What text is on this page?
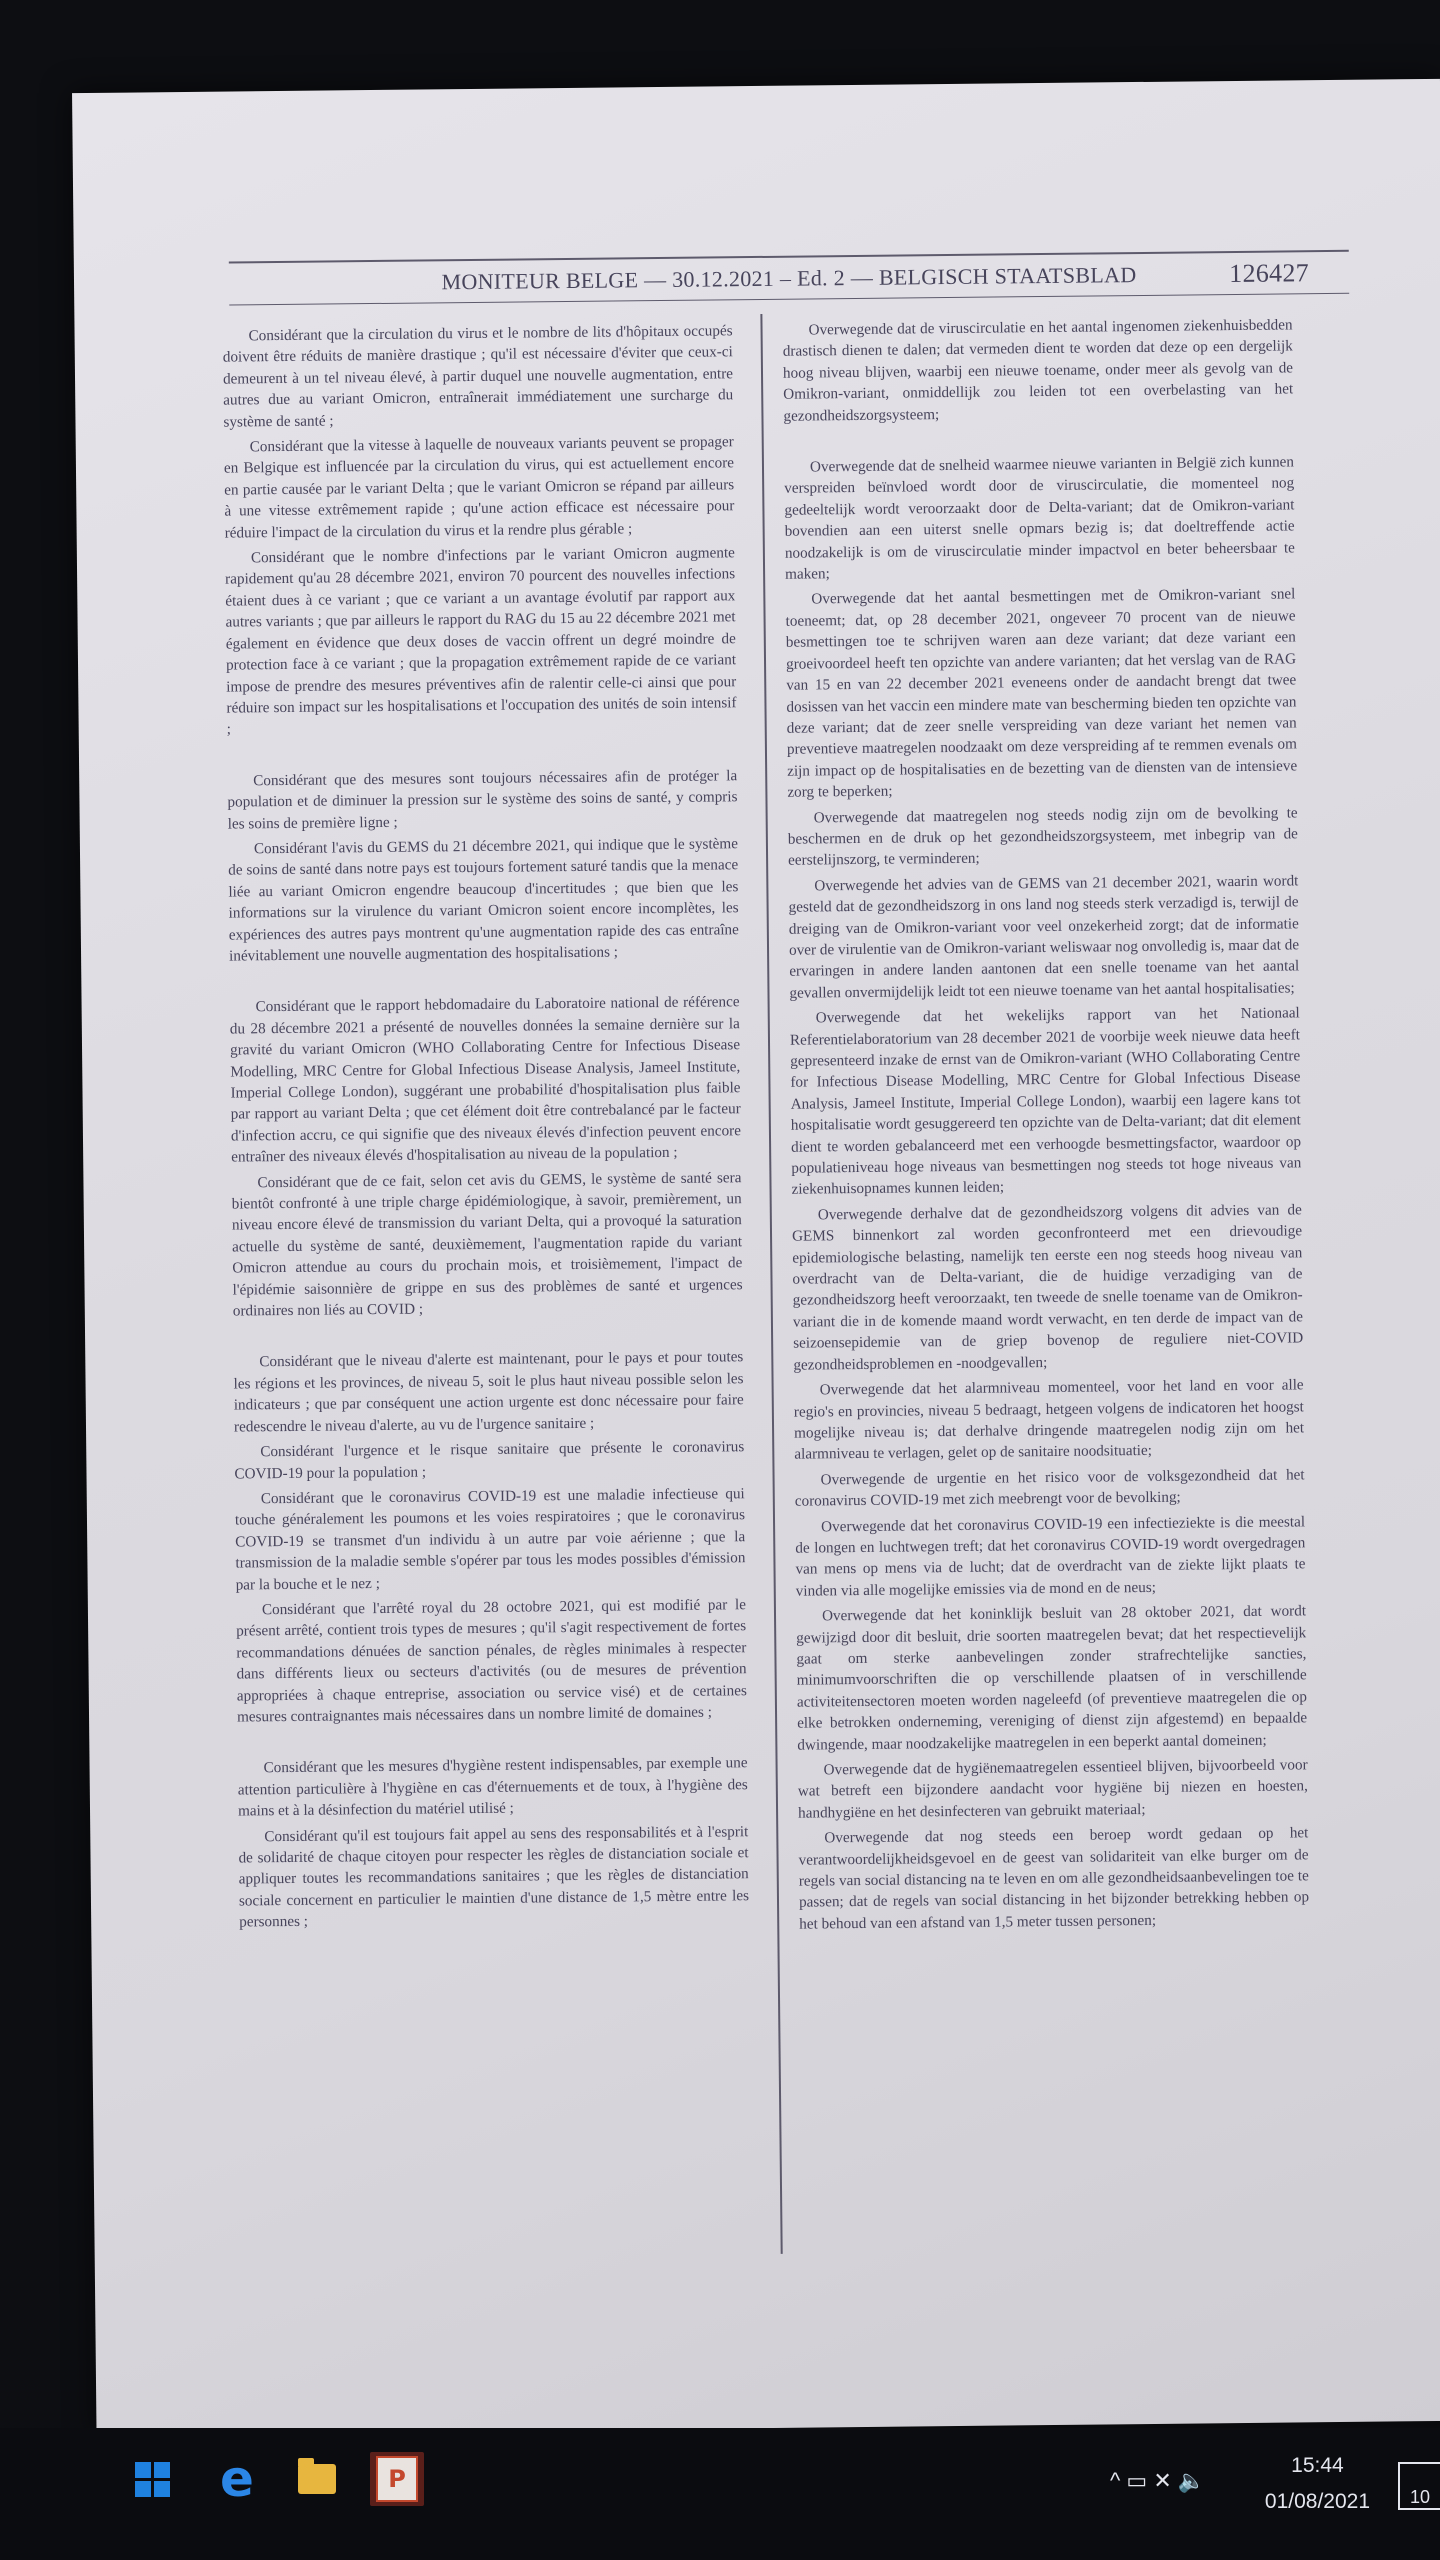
MONITEUR BELGE — 30.12.2021 – Ed. 2 — BELGISCH STAATSBLAD	126427

Considérant que la circulation du virus et le nombre de lits d'hôpitaux occupés doivent être réduits de manière drastique ; qu'il est nécessaire d'éviter que ceux-ci demeurent à un tel niveau élevé, à partir duquel une nouvelle augmentation, entre autres due au variant Omicron, entraînerait immédiatement une surcharge du système de santé ;

Considérant que la vitesse à laquelle de nouveaux variants peuvent se propager en Belgique est influencée par la circulation du virus, qui est actuellement encore en partie causée par le variant Delta ; que le variant Omicron se répand par ailleurs à une vitesse extrêmement rapide ; qu'une action efficace est nécessaire pour réduire l'impact de la circulation du virus et la rendre plus gérable ;

Considérant que le nombre d'infections par le variant Omicron augmente rapidement qu'au 28 décembre 2021, environ 70 pourcent des nouvelles infections étaient dues à ce variant ; que ce variant a un avantage évolutif par rapport aux autres variants ; que par ailleurs le rapport du RAG du 15 au 22 décembre 2021 met également en évidence que deux doses de vaccin offrent un degré moindre de protection face à ce variant ; que la propagation extrêmement rapide de ce variant impose de prendre des mesures préventives afin de ralentir celle-ci ainsi que pour réduire son impact sur les hospitalisations et l'occupation des unités de soin intensif ;

Considérant que des mesures sont toujours nécessaires afin de protéger la population et de diminuer la pression sur le système des soins de santé, y compris les soins de première ligne ;

Considérant l'avis du GEMS du 21 décembre 2021, qui indique que le système de soins de santé dans notre pays est toujours fortement saturé tandis que la menace liée au variant Omicron engendre beaucoup d'incertitudes ; que bien que les informations sur la virulence du variant Omicron soient encore incomplètes, les expériences des autres pays montrent qu'une augmentation rapide des cas entraîne inévitablement une nouvelle augmentation des hospitalisations ;

Considérant que le rapport hebdomadaire du Laboratoire national de référence du 28 décembre 2021 a présenté de nouvelles données la semaine dernière sur la gravité du variant Omicron (WHO Collaborating Centre for Infectious Disease Modelling, MRC Centre for Global Infectious Disease Analysis, Jameel Institute, Imperial College London), suggérant une probabilité d'hospitalisation plus faible par rapport au variant Delta ; que cet élément doit être contrebalancé par le facteur d'infection accru, ce qui signifie que des niveaux élevés d'infection peuvent encore entraîner des niveaux élevés d'hospitalisation au niveau de la population ;

Considérant que de ce fait, selon cet avis du GEMS, le système de santé sera bientôt confronté à une triple charge épidémiologique, à savoir, premièrement, un niveau encore élevé de transmission du variant Delta, qui a provoqué la saturation actuelle du système de santé, deuxièmement, l'augmentation rapide du variant Omicron attendue au cours du prochain mois, et troisièmement, l'impact de l'épidémie saisonnière de grippe en sus des problèmes de santé et urgences ordinaires non liés au COVID ;

Considérant que le niveau d'alerte est maintenant, pour le pays et pour toutes les régions et les provinces, de niveau 5, soit le plus haut niveau possible selon les indicateurs ; que par conséquent une action urgente est donc nécessaire pour faire redescendre le niveau d'alerte, au vu de l'urgence sanitaire ;

Considérant l'urgence et le risque sanitaire que présente le coronavirus COVID-19 pour la population ;

Considérant que le coronavirus COVID-19 est une maladie infectieuse qui touche généralement les poumons et les voies respiratoires ; que le coronavirus COVID-19 se transmet d'un individu à un autre par voie aérienne ; que la transmission de la maladie semble s'opérer par tous les modes possibles d'émission par la bouche et le nez ;

Considérant que l'arrêté royal du 28 octobre 2021, qui est modifié par le présent arrêté, contient trois types de mesures ; qu'il s'agit respectivement de fortes recommandations dénuées de sanction pénales, de règles minimales à respecter dans différents lieux ou secteurs d'activités (ou de mesures de prévention appropriées à chaque entreprise, association ou service visé) et de certaines mesures contraignantes mais nécessaires dans un nombre limité de domaines ;

Considérant que les mesures d'hygiène restent indispensables, par exemple une attention particulière à l'hygiène en cas d'éternuements et de toux, à l'hygiène des mains et à la désinfection du matériel utilisé ;

Considérant qu'il est toujours fait appel au sens des responsabilités et à l'esprit de solidarité de chaque citoyen pour respecter les règles de distanciation sociale et appliquer toutes les recommandations sanitaires ; que les règles de distanciation sociale concernent en particulier le maintien d'une distance de 1,5 mètre entre les personnes ;

Overwegende dat de viruscirculatie en het aantal ingenomen ziekenhuisbedden drastisch dienen te dalen; dat vermeden dient te worden dat deze op een dergelijk hoog niveau blijven, waarbij een nieuwe toename, onder meer als gevolg van de Omikron-variant, onmiddellijk zou leiden tot een overbelasting van het gezondheidszorgsysteem;

Overwegende dat de snelheid waarmee nieuwe varianten in België zich kunnen verspreiden beïnvloed wordt door de viruscirculatie, die momenteel nog gedeeltelijk wordt veroorzaakt door de Delta-variant; dat de Omikron-variant bovendien aan een uiterst snelle opmars bezig is; dat doeltreffende actie noodzakelijk is om de viruscirculatie minder impactvol en beter beheersbaar te maken;

Overwegende dat het aantal besmettingen met de Omikron-variant snel toeneemt; dat, op 28 december 2021, ongeveer 70 procent van de nieuwe besmettingen toe te schrijven waren aan deze variant; dat deze variant een groeivoordeel heeft ten opzichte van andere varianten; dat het verslag van de RAG van 15 en van 22 december 2021 eveneens onder de aandacht brengt dat twee dosissen van het vaccin een mindere mate van bescherming bieden ten opzichte van deze variant; dat de zeer snelle verspreiding van deze variant het nemen van preventieve maatregelen noodzaakt om deze verspreiding af te remmen evenals om zijn impact op de hospitalisaties en de bezetting van de diensten van de intensieve zorg te beperken;

Overwegende dat maatregelen nog steeds nodig zijn om de bevolking te beschermen en de druk op het gezondheidszorgsysteem, met inbegrip van de eerstelijnszorg, te verminderen;

Overwegende het advies van de GEMS van 21 december 2021, waarin wordt gesteld dat de gezondheidszorg in ons land nog steeds sterk verzadigd is, terwijl de dreiging van de Omikron-variant voor veel onzekerheid zorgt; dat de informatie over de virulentie van de Omikron-variant weliswaar nog onvolledig is, maar dat de ervaringen in andere landen aantonen dat een snelle toename van het aantal gevallen onvermijdelijk leidt tot een nieuwe toename van het aantal hospitalisaties;

Overwegende dat het wekelijks rapport van het Nationaal Referentielaboratorium van 28 december 2021 de voorbije week nieuwe data heeft gepresenteerd inzake de ernst van de Omikron-variant (WHO Collaborating Centre for Infectious Disease Modelling, MRC Centre for Global Infectious Disease Analysis, Jameel Institute, Imperial College London), waarbij een lagere kans tot hospitalisatie wordt gesuggereerd ten opzichte van de Delta-variant; dat dit element dient te worden gebalanceerd met een verhoogde besmettingsfactor, waardoor op populatieniveau hoge niveaus van besmettingen nog steeds tot hoge niveaus van ziekenhuisopnames kunnen leiden;

Overwegende derhalve dat de gezondheidszorg volgens dit advies van de GEMS binnenkort zal worden geconfronteerd met een drievoudige epidemiologische belasting, namelijk ten eerste een nog steeds hoog niveau van overdracht van de Delta-variant, die de huidige verzadiging van de gezondheidszorg heeft veroorzaakt, ten tweede de snelle toename van de Omikron-variant die in de komende maand wordt verwacht, en ten derde de impact van de seizoensepidemie van de griep bovenop de reguliere niet-COVID gezondheidsproblemen en -noodgevallen;

Overwegende dat het alarmniveau momenteel, voor het land en voor alle regio's en provincies, niveau 5 bedraagt, hetgeen volgens de indicatoren het hoogst mogelijke niveau is; dat derhalve dringende maatregelen nodig zijn om het alarmniveau te verlagen, gelet op de sanitaire noodsituatie;

Overwegende de urgentie en het risico voor de volksgezondheid dat het coronavirus COVID-19 met zich meebrengt voor de bevolking;

Overwegende dat het coronavirus COVID-19 een infectieziekte is die meestal de longen en luchtwegen treft; dat het coronavirus COVID-19 wordt overgedragen van mens op mens via de lucht; dat de overdracht van de ziekte lijkt plaats te vinden via alle mogelijke emissies via de mond en de neus;

Overwegende dat het koninklijk besluit van 28 oktober 2021, dat wordt gewijzigd door dit besluit, drie soorten maatregelen bevat; dat het respectievelijk gaat om sterke aanbevelingen zonder strafrechtelijke sancties, minimumvoorschriften die op verschillende plaatsen of in verschillende activiteitensectoren moeten worden nageleefd (of preventieve maatregelen die op elke betrokken onderneming, vereniging of dienst zijn afgestemd) en bepaalde dwingende, maar noodzakelijke maatregelen in een beperkt aantal domeinen;

Overwegende dat de hygiënemaatregelen essentieel blijven, bijvoorbeeld voor wat betreft een bijzondere aandacht voor hygiëne bij niezen en hoesten, handhygiëne en het desinfecteren van gebruikt materiaal;

Overwegende dat nog steeds een beroep wordt gedaan op het verantwoordelijkheidsgevoel en de geest van solidariteit van elke burger om de regels van social distancing na te leven en om alle gezondheidsaanbevelingen toe te passen; dat de regels van social distancing in het bijzonder betrekking hebben op het behoud van een afstand van 1,5 meter tussen personen;

e	P	^ ▭ ✕ 🔈
15:44
01/08/2021 10
